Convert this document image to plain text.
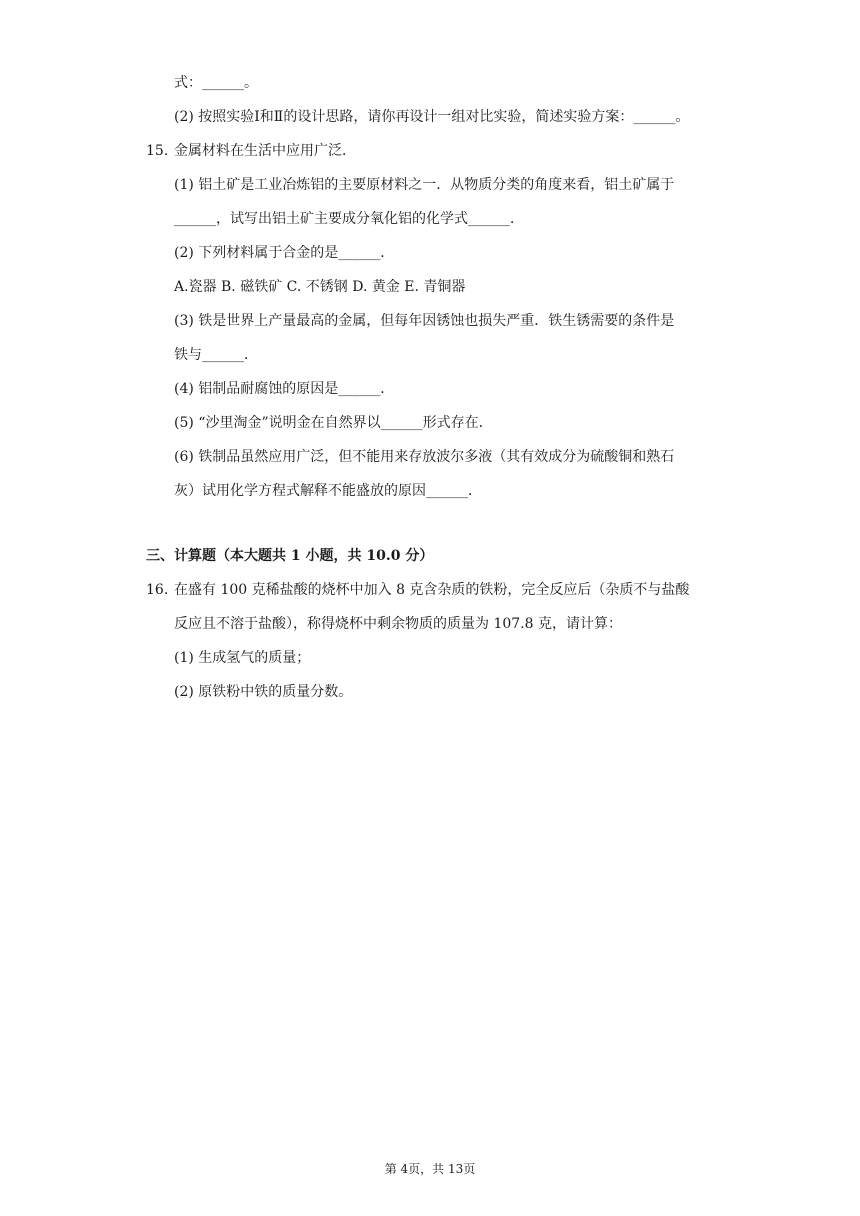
式：______。

(2) 按照实验Ⅰ和Ⅱ的设计思路，请你再设计一组对比实验，简述实验方案：______。

15. 金属材料在生活中应用广泛．

(1) 铝土矿是工业冶炼铝的主要原材料之一．从物质分类的角度来看，铝土矿属于

______，试写出铝土矿主要成分氧化铝的化学式______．

(2) 下列材料属于合金的是______．

A.瓷器 B. 磁铁矿 C. 不锈钢 D. 黄金 E. 青铜器

(3) 铁是世界上产量最高的金属，但每年因锈蚀也损失严重．铁生锈需要的条件是

铁与______．

(4) 铝制品耐腐蚀的原因是______．

(5) “沙里淘金”说明金在自然界以______形式存在．

(6) 铁制品虽然应用广泛，但不能用来存放波尔多液（其有效成分为硫酸铜和熟石

灰）试用化学方程式解释不能盛放的原因______．

三、计算题（本大题共 1 小题，共 10.0 分）

16. 在盛有 100 克稀盐酸的烧杯中加入 8 克含杂质的铁粉，完全反应后（杂质不与盐酸

反应且不溶于盐酸），称得烧杯中剩余物质的质量为 107.8 克，请计算：

(1) 生成氢气的质量；

(2) 原铁粉中铁的质量分数。

第 4页，共 13页
